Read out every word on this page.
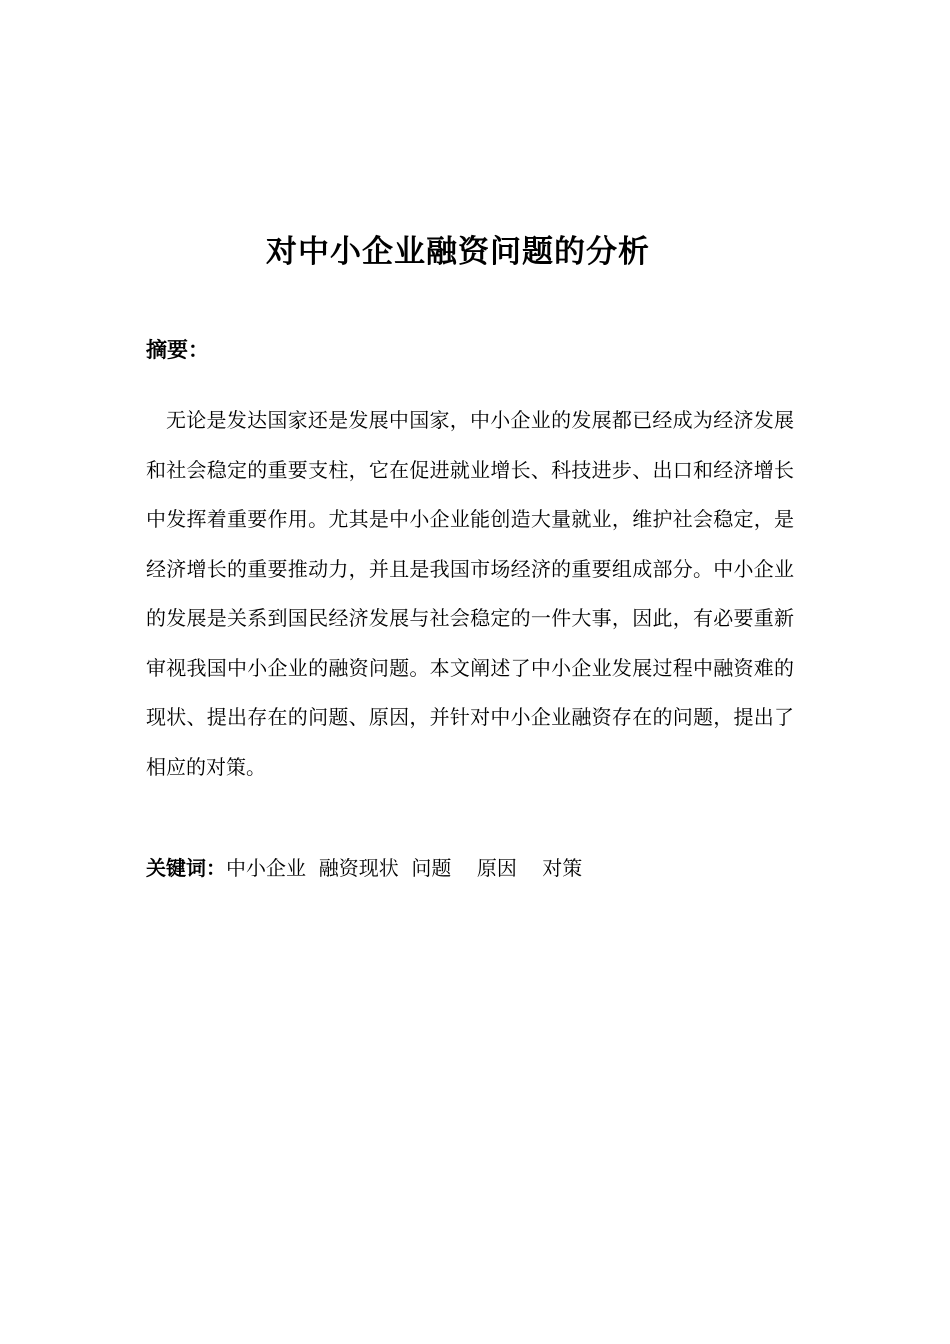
对中小企业融资问题的分析
摘要：

无论是发达国家还是发展中国家，中小企业的发展都已经成为经济发展和社会稳定的重要支柱，它在促进就业增长、科技进步、出口和经济增长中发挥着重要作用。尤其是中小企业能创造大量就业，维护社会稳定，是经济增长的重要推动力，并且是我国市场经济的重要组成部分。中小企业的发展是关系到国民经济发展与社会稳定的一件大事，因此，有必要重新审视我国中小企业的融资问题。本文阐述了中小企业发展过程中融资难的现状、提出存在的问题、原因，并针对中小企业融资存在的问题，提出了相应的对策。

关键词：中小企业  融资现状  问题    原因    对策
